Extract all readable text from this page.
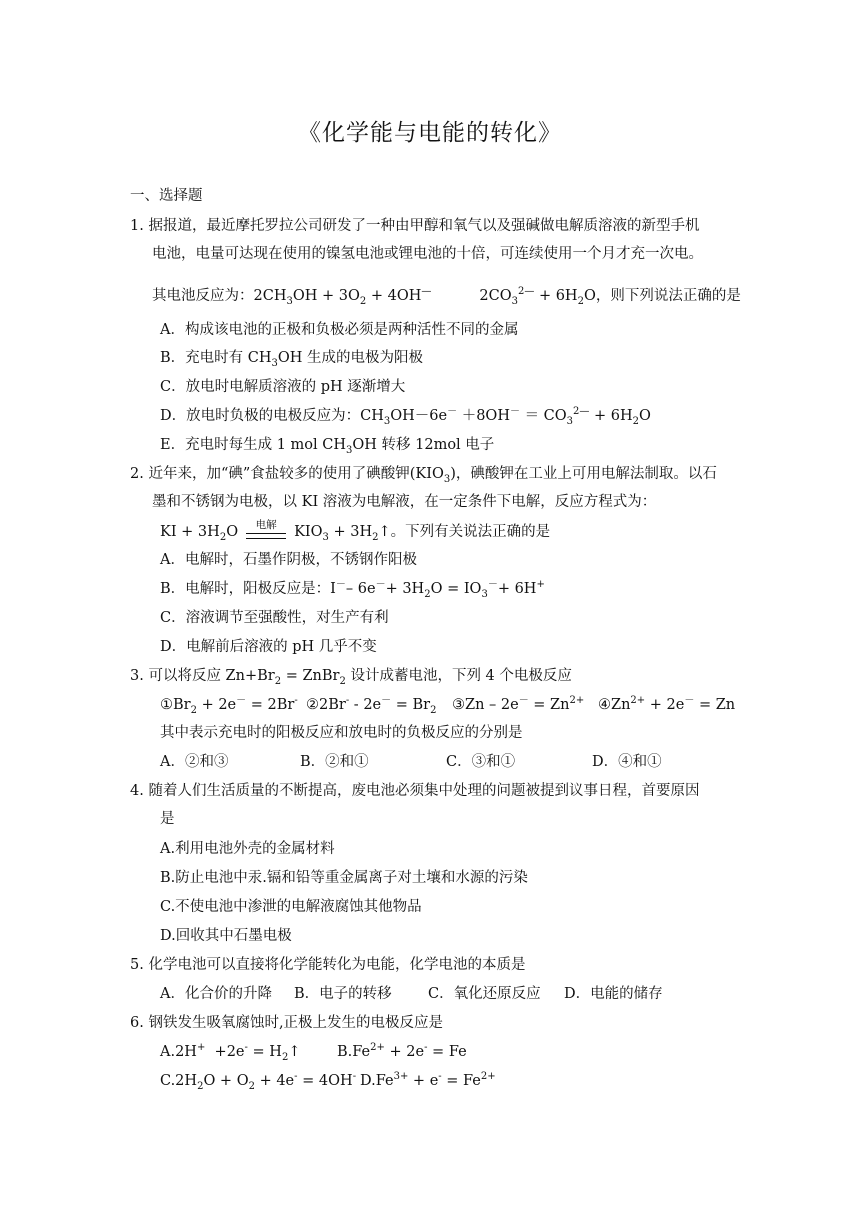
《化学能与电能的转化》
一、选择题
1. 据报道，最近摩托罗拉公司研发了一种由甲醇和氧气以及强碱做电解质溶液的新型手机
电池，电量可达现在使用的镍氢电池或锂电池的十倍，可连续使用一个月才充一次电。
其电池反应为：$2CH_3OH + 3O_2 + 4OH^—$	$2CO_3^{2—} + 6H_2O$，则下列说法正确的是
A．构成该电池的正极和负极必须是两种活性不同的金属
B．充电时有 $CH_3OH$ 生成的电极为阳极
C．放电时电解质溶液的 pH 逐渐增大
D．放电时负极的电极反应为：$CH_3OH-6e^- +8OH^- = CO_3^{2—} + 6H_2O$
E．充电时每生成 1 mol $CH_3OH$ 转移 12mol 电子
2. 近年来，加“碘”食盐较多的使用了碘酸钾$(KIO_3)$，碘酸钾在工业上可用电解法制取。以石
墨和不锈钢为电极，以 KI 溶液为电解液，在一定条件下电解，反应方程式为：
KI + $3H_2O$	电解	$KIO_3$ + $3H_2↑$。下列有关说法正确的是
A．电解时，石墨作阴极，不锈钢作阳极
B．电解时，阳极反应是：I－– $6e^-+ 3H_2O = IO_3^-+ 6H^+$
C．溶液调节至强酸性，对生产有利
D．电解前后溶液的 pH 几乎不变
3. 可以将反应 $Zn+Br_2$ = ZnBr$_2$ 设计成蓄电池，下列 4 个电极反应
$①Br_2 + 2e^- = 2Br^-$ ②2Br- - $2e^- = Br_2$ ③Zn – $2e^- = Zn^{2+}$ $④Zn^{2+} + 2e^- = Zn$
其中表示充电时的阳极反应和放电时的负极反应的分别是
A．②和③	B．②和①	C．③和①	D．④和①
4. 随着人们生活质量的不断提高，废电池必须集中处理的问题被提到议事日程，首要原因
是
A.利用电池外壳的金属材料
B.防止电池中汞.镉和铅等重金属离子对土壤和水源的污染
C.不使电池中渗泄的电解液腐蚀其他物品
D.回收其中石墨电极
5. 化学电池可以直接将化学能转化为电能，化学电池的本质是
A．化合价的升降 B．电子的转移	C．氧化还原反应 D．电能的储存
6. 钢铁发生吸氧腐蚀时,正极上发生的电极反应是
$A.2H^+ +2e^- = H_2↑$	$B.Fe^{2+} + 2e^- = Fe$
$C.2H_2O + O_2 + 4e^- = 4OH^-$ $D.Fe^{3+} + e^- = Fe^{2+}$
